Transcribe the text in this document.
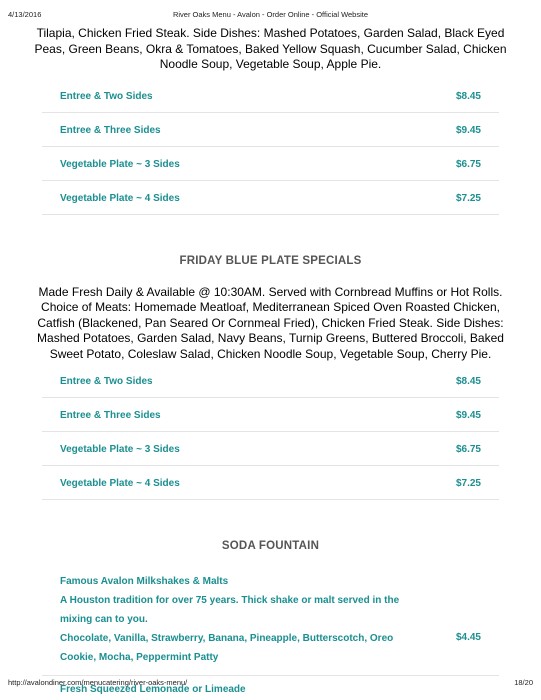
4/13/2016	River Oaks Menu - Avalon - Order Online - Official Website

Tilapia, Chicken Fried Steak. Side Dishes: Mashed Potatoes, Garden Salad, Black Eyed Peas, Green Beans, Okra & Tomatoes, Baked Yellow Squash, Cucumber Salad, Chicken Noodle Soup, Vegetable Soup, Apple Pie.

Entree & Two Sides	$8.45
Entree & Three Sides	$9.45
Vegetable Plate ~ 3 Sides	$6.75
Vegetable Plate ~ 4 Sides	$7.25
FRIDAY BLUE PLATE SPECIALS

Made Fresh Daily & Available @ 10:30AM. Served with Cornbread Muffins or Hot Rolls. Choice of Meats: Homemade Meatloaf, Mediterranean Spiced Oven Roasted Chicken, Catfish (Blackened, Pan Seared Or Cornmeal Fried), Chicken Fried Steak. Side Dishes: Mashed Potatoes, Garden Salad, Navy Beans, Turnip Greens, Buttered Broccoli, Baked Sweet Potato, Coleslaw Salad, Chicken Noodle Soup, Vegetable Soup, Cherry Pie.

Entree & Two Sides	$8.45
Entree & Three Sides	$9.45
Vegetable Plate ~ 3 Sides	$6.75
Vegetable Plate ~ 4 Sides	$7.25
SODA FOUNTAIN
Famous Avalon Milkshakes & Malts
A Houston tradition for over 75 years. Thick shake or malt served in the mixing can to you.
Chocolate, Vanilla, Strawberry, Banana, Pineapple, Butterscotch, Oreo Cookie, Mocha, Peppermint Patty
$4.45
Fresh Squeezed Lemonade or Limeade
http://avalondiner.com/menucatering/river-oaks-menu/	18/20
